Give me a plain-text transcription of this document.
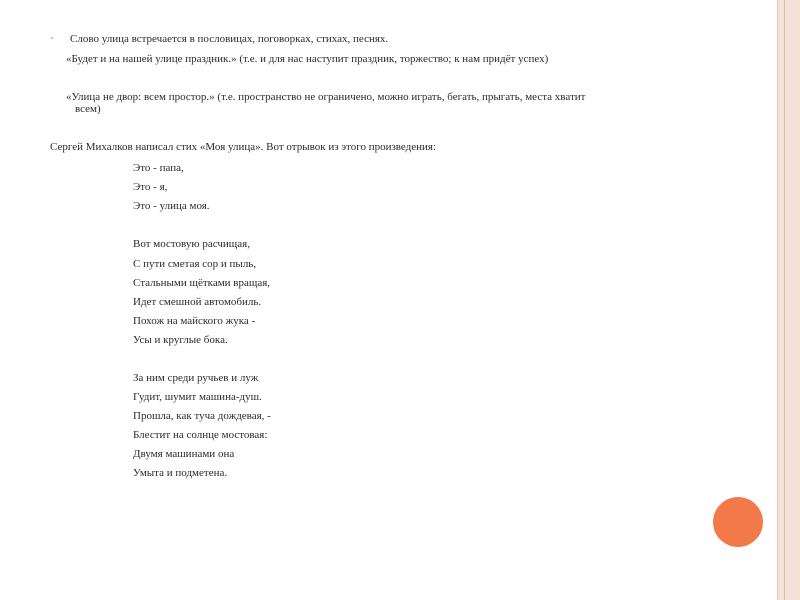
◦ Слово улица встречается в пословицах, поговорках, стихах, песнях.
«Будет и на нашей улице праздник.» (т.е. и для нас наступит праздник, торжество; к нам придёт успех)
«Улица не двор: всем простор.» (т.е. пространство не ограничено, можно играть, бегать, прыгать, места хватит
всем)
Сергей Михалков написал стих «Моя улица». Вот отрывок из этого произведения:
Это - папа,
Это - я,
Это - улица моя.
Вот мостовую расчищая,
С пути сметая сор и пыль,
Стальными щётками вращая,
Идет смешной автомобиль.
Похож на майского жука -
Усы и круглые бока.
За ним среди ручьев и луж
Гудит, шумит машина-душ.
Прошла, как туча дождевая, -
Блестит на солнце мостовая:
Двумя машинами она
Умыта и подметена.
